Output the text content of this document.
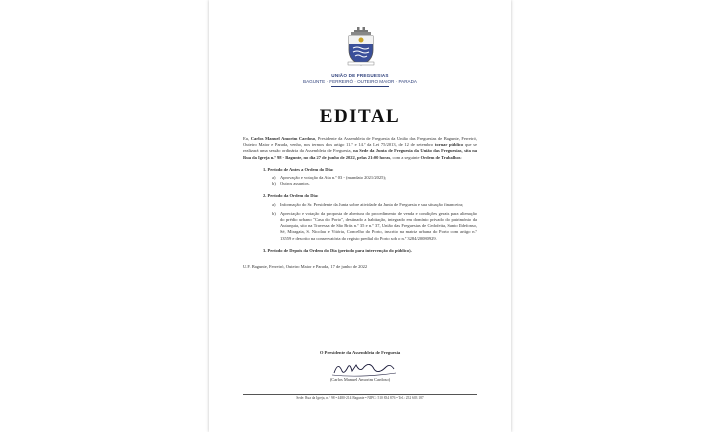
UNIÃO DE FREGUESIAS
BAGUNTE · FERREIRÓ · OUTEIRO MAIOR · PARADA
EDITAL

Eu, Carlos Manuel Amorim Cardoso, Presidente da Assembleia de Freguesia da União das Freguesias de Bagunte, Ferreiró, Outeiro Maior e Parada, venho, nos termos dos artigo 11.º e 14.º da Lei 75/2013, de 12 de setembro tornar público que se realizará uma sessão ordinária da Assembleia de Freguesia, na Sede da Junta de Freguesia da União das Freguesias, sita na Rua da Igreja n.º 98 - Bagunte, no dia 27 de junho de 2022, pelas 21:00 horas, com a seguinte Ordem de Trabalhos:

1. Período de Antes a Ordem do Dia:
a) Aprovação e votação da Ata n.º 03 - (mandato 2021/2025);
b) Outros assuntos.
2. Período da Ordem do Dia:
a) Informação do Sr. Presidente da Junta sobre atividade da Junta de Freguesia e sua situação financeira;
b) Apreciação e votação da proposta de abertura do procedimento de venda e condições gerais para alienação do prédio urbano "Casa do Porto", destinado a habitação, integrado em domínio privado do património da Autarquia, sito na Travessa de São Brás n.º 35 e n.º 37, União das Freguesias de Cedofeita, Santo Ildefonso, Sé, Miragaia, S. Nicolau e Vitória, Concelho do Porto, inscrito na matriz urbana do Porto com artigo n.º 13559 e descrito na conservatória do registo predial do Porto sob o n.º 3284/20080929.
3. Período de Depois da Ordem do Dia (período para intervenção do público).

U.F. Bagunte, Ferreiró, Outeiro Maior e Parada, 17 de junho de 2022

O Presidente da Assembleia de Freguesia
(Carlos Manuel Amorim Cardoso)
Sede: Rua da Igreja, n.º 98 • 4480-214 Bagunte • NIPC: 510 834 876 • Tel.: 252 603 187
